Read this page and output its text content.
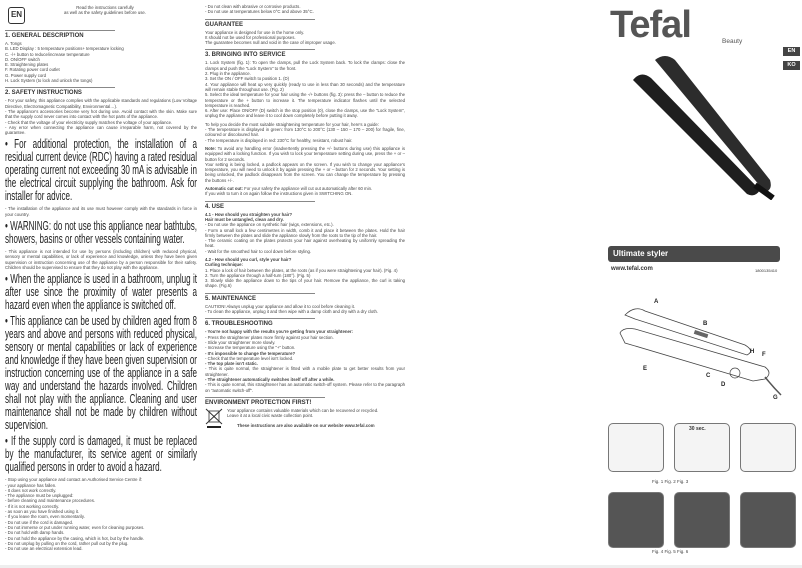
EN
Read the instructions carefully
as well as the safety guidelines before use.
1. GENERAL DESCRIPTION
A. Tongs
B. LED Display : 5 temperature positions+ temperature locking
C. -/+ button to reduce/increase temperature
D. ON/OFF switch
E. Straightening plates
F. Rotating power cord outlet
G. Power supply cord
H. Lock System (to lock and unlock the tongs)
2. SAFETY INSTRUCTIONS
- For your safety, this appliance complies with the applicable standards and regulations (Low Voltage Directive, Electromagnetic Compatibility, Environmental…).
- The appliance's accessories become very hot during use. Avoid contact with the skin. Make sure that the supply cord never comes into contact with the hot parts of the appliance.
- Check that the voltage of your electricity supply matches the voltage of your appliance.
- Any error when connecting the appliance can cause irreparable harm, not covered by the guarantee.
• For additional protection, the installation of a residual current device (RDC) having a rated residual operating current not exceeding 30 mA is advisable in the electrical circuit supplying the bathroom. Ask for installer for advice.
- The installation of the appliance and its use must however comply with the standards in force in your country.
• WARNING: do not use this appliance near bathtubs, showers, basins or other vessels containing water.
- This appliance is not intended for use by persons (including children) with reduced physical, sensory or mental capabilities, or lack of experience and knowledge, unless they have been given supervision or instruction concerning use of the appliance by a person responsible for their safety. Children should be supervised to ensure that they do not play with the appliance.
• When the appliance is used in a bathroom, unplug it after use since the proximity of water presents a hazard even when the appliance is switched off.
• This appliance can be used by children aged from 8 years and above and persons with reduced physical, sensory or mental capabilities or lack of experience and knowledge if they have been given supervision or instruction concerning use of the appliance in a safe way and understand the hazards involved. Children shall not play with the appliance. Cleaning and user maintenance shall not be made by children without supervision.
• If the supply cord is damaged, it must be replaced by the manufacturer, its service agent or similarly qualified persons in order to avoid a hazard.
- Stop using your appliance and contact an Authorised Service Centre if:
- your appliance has fallen.
- It does not work correctly.
- The appliance must be unplugged:
- before cleaning and maintenance procedures.
- If it is not working correctly.
- as soon as you have finished using it.
- If you leave the room, even momentarily.
- Do not use if the cord is damaged.
- Do not immerse or put under running water, even for cleaning purposes.
- Do not hold with damp hands.
- Do not hold the appliance by the casing, which is hot, but by the handle.
- Do not unplug by pulling on the cord, rather pull out by the plug.
- Do not use an electrical extension lead.
- Do not clean with abrasive or corrosive products.
- Do not use at temperatures below 0°C and above 35°C.
GUARANTEE
Your appliance is designed for use in the home only.
It should not be used for professional purposes.
The guarantee becomes null and void in the case of improper usage.
3. BRINGING INTO SERVICE
1. Lock System (fig. 1): To open the clamps, pull the Lock System back. To lock the clamps: close the clamps and push the "Lock System" to the front.
2. Plug in the appliance.
3. Set the ON / OFF switch to position 1. (D)
4. Your appliance will heat up very quickly (ready to use in less than 30 seconds) and the temperature will remain stable throughout use. (Fig. 2)
5. Select the ideal temperature for your hair using the -/+ buttons (fig. 3): press the – button to reduce the temperature or the + button to increase it. The temperature indicator flashes until the selected temperature is reached.
6. After use: Place ON/OFF (D) switch in the stop position (0), close the clamps, use the "Lock System", unplug the appliance and leave it to cool down completely before putting it away.
To help you decide the most suitable straightening temperature for your hair, here's a guide:
- The temperature is displayed in green: from 130°C to 200°C (130 – 150 – 170 – 200) for fragile, fine, coloured or discoloured hair.
- The temperature is displayed in red: 230°C for healthy, resistant, robust hair.
Note: To avoid any handling error (inadvertently pressing the +/- buttons during use) this appliance is equipped with a locking function. If you wish to lock your temperature setting during use, press the + or – button for 2 seconds.
Your setting is being locked, a padlock appears on the screen. If you wish to change your appliance's temperature, you will need to unlock it by again pressing the + or – button for 2 seconds. Your setting is being unlocked, the padlock disappears from the screen. You can change the temperature by pressing the buttons +/-.
Automatic cut out: For your safety the appliance will cut out automatically after 60 min.
If you wish to turn it on again follow the instructions given in SWITCHING ON.
4. USE
4.1 - How should you straighten your hair?
Hair must be untangled, clean and dry.
- Do not use the appliance on synthetic hair (wigs, extensions, etc.).
- Form a small lock a few centimetres in width, comb it and place it between the plates. Hold the hair firmly between the plates and slide the appliance slowly from the roots to the tip of the hair.
- The ceramic coating on the plates protects your hair against overheating by uniformly spreading the heat.
- Wait for the smoothed hair to cool down before styling.
4.2 - How should you curl, style your hair?
Curling technique:
1. Place a lock of hair between the plates, at the roots (as if you were straightening your hair). (Fig. 4)
2. Turn the appliance through a half-turn (180°). (Fig. 5)
3. Slowly slide the appliance down to the tips of your hair. Remove the appliance, the curl is taking shape. (Fig.6)
5. MAINTENANCE
CAUTION! Always unplug your appliance and allow it to cool before cleaning it.
- To clean the appliance, unplug it and then wipe with a damp cloth and dry with a dry cloth.
6. TROUBLESHOOTING
- You're not happy with the results you're getting from your straightener:
- Press the straightener plates more firmly against your hair section.
- Slide your straightener more slowly.
- Increase the temperature using the "+" button.
- It's impossible to change the temperature?
- Check that the temperature level isn't locked.
- The top plate isn't static.
- This is quite normal, the straightener is fitted with a mobile plate to get better results from your straightener.
- The straightener automatically switches itself off after a while.
- This is quite normal, this straightener has an automatic switch-off system. Please refer to the paragraph on "automatic switch-off".
ENVIRONMENT PROTECTION FIRST!
Your appliance contains valuable materials which can be recovered or recycled.
Leave it at a local civic waste collection point.
These instructions are also available on our website www.tefal.com
Tefal	Beauty
EN
KO
Ultimate styler
www.tefal.com	1800135410
A
B
C
D
E
F
G
H
30 sec.
Fig. 1 Fig. 2 Fig. 3
Fig. 4 Fig. 5 Fig. 6
